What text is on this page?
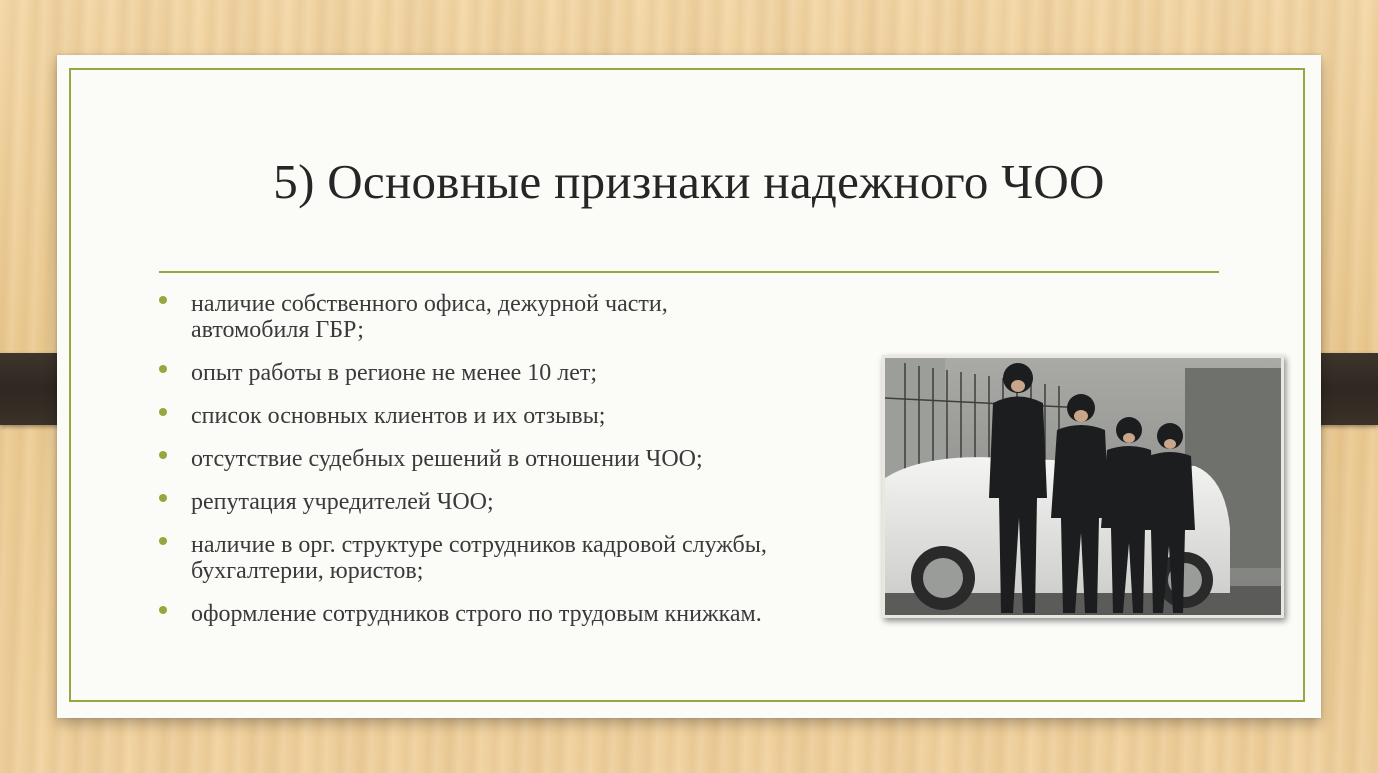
5) Основные признаки надежного ЧОО
наличие собственного офиса, дежурной части,
автомобиля ГБР;
опыт работы в регионе не менее 10 лет;
список основных клиентов и их отзывы;
отсутствие судебных решений в отношении ЧОО;
репутация учредителей ЧОО;
наличие в орг. структуре сотрудников кадровой службы,
бухгалтерии, юристов;
оформление сотрудников строго по трудовым книжкам.
